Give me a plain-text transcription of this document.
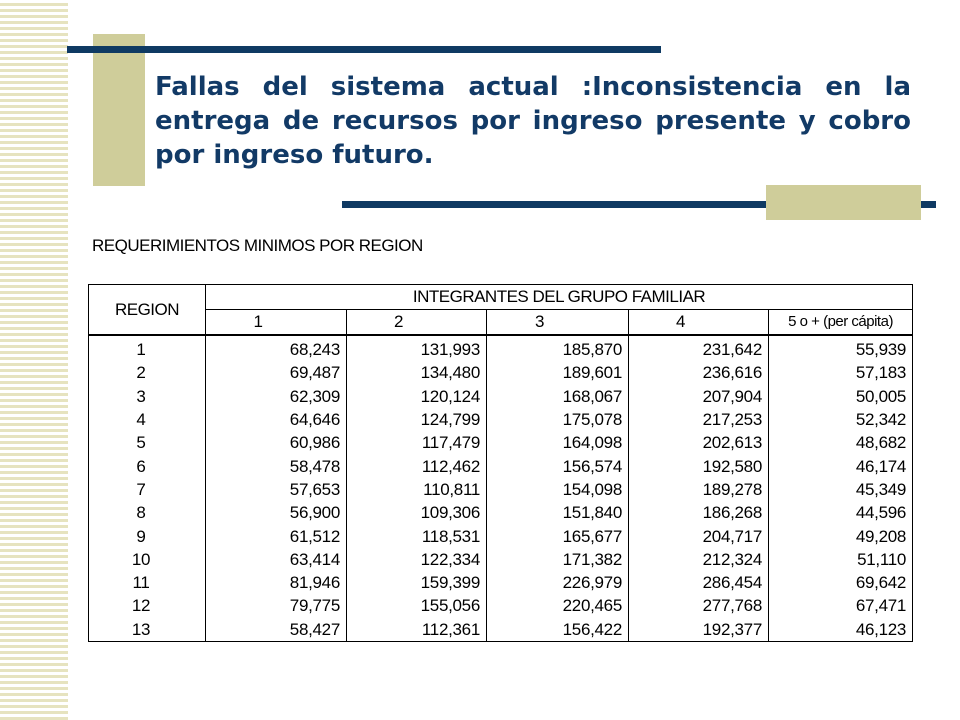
Fallas del sistema actual :Inconsistencia en la entrega de recursos por ingreso presente y cobro por ingreso futuro.
REQUERIMIENTOS MINIMOS POR REGION
REGION	INTEGRANTES DEL GRUPO FAMILIAR				
	1	2	3	4	5 o + (per cápita)
1	68,243	131,993	185,870	231,642	55,939
2	69,487	134,480	189,601	236,616	57,183
3	62,309	120,124	168,067	207,904	50,005
4	64,646	124,799	175,078	217,253	52,342
5	60,986	117,479	164,098	202,613	48,682
6	58,478	112,462	156,574	192,580	46,174
7	57,653	110,811	154,098	189,278	45,349
8	56,900	109,306	151,840	186,268	44,596
9	61,512	118,531	165,677	204,717	49,208
10	63,414	122,334	171,382	212,324	51,110
11	81,946	159,399	226,979	286,454	69,642
12	79,775	155,056	220,465	277,768	67,471
13	58,427	112,361	156,422	192,377	46,123
